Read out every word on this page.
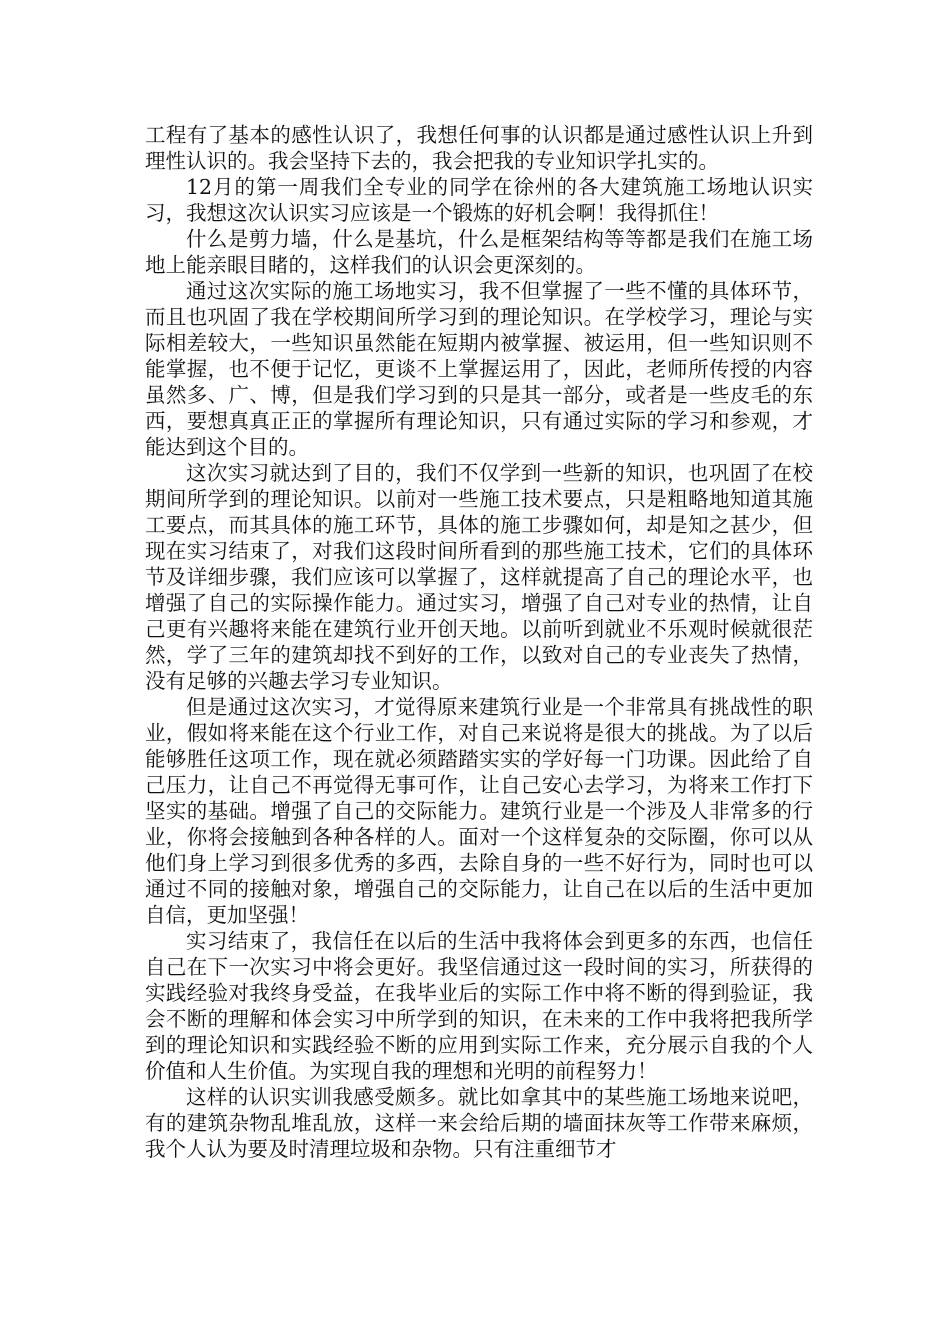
工程有了基本的感性认识了，我想任何事的认识都是通过感性认识上升到理性认识的。我会坚持下去的，我会把我的专业知识学扎实的。

12月的第一周我们全专业的同学在徐州的各大建筑施工场地认识实习，我想这次认识实习应该是一个锻炼的好机会啊！我得抓住！

什么是剪力墙，什么是基坑，什么是框架结构等等都是我们在施工场地上能亲眼目睹的，这样我们的认识会更深刻的。

通过这次实际的施工场地实习，我不但掌握了一些不懂的具体环节，而且也巩固了我在学校期间所学习到的理论知识。在学校学习，理论与实际相差较大，一些知识虽然能在短期内被掌握、被运用，但一些知识则不能掌握，也不便于记忆，更谈不上掌握运用了，因此，老师所传授的内容虽然多、广、博，但是我们学习到的只是其一部分，或者是一些皮毛的东西，要想真真正正的掌握所有理论知识，只有通过实际的学习和参观，才能达到这个目的。

这次实习就达到了目的，我们不仅学到一些新的知识，也巩固了在校期间所学到的理论知识。以前对一些施工技术要点，只是粗略地知道其施工要点，而其具体的施工环节，具体的施工步骤如何，却是知之甚少，但现在实习结束了，对我们这段时间所看到的那些施工技术，它们的具体环节及详细步骤，我们应该可以掌握了，这样就提高了自己的理论水平，也增强了自己的实际操作能力。通过实习，增强了自己对专业的热情，让自己更有兴趣将来能在建筑行业开创天地。以前听到就业不乐观时候就很茫然，学了三年的建筑却找不到好的工作，以致对自己的专业丧失了热情，没有足够的兴趣去学习专业知识。

但是通过这次实习，才觉得原来建筑行业是一个非常具有挑战性的职业，假如将来能在这个行业工作，对自己来说将是很大的挑战。为了以后能够胜任这项工作，现在就必须踏踏实实的学好每一门功课。因此给了自己压力，让自己不再觉得无事可作，让自己安心去学习，为将来工作打下坚实的基础。增强了自己的交际能力。建筑行业是一个涉及人非常多的行业，你将会接触到各种各样的人。面对一个这样复杂的交际圈，你可以从他们身上学习到很多优秀的多西，去除自身的一些不好行为，同时也可以通过不同的接触对象，增强自己的交际能力，让自己在以后的生活中更加自信，更加坚强！

实习结束了，我信任在以后的生活中我将体会到更多的东西，也信任自己在下一次实习中将会更好。我坚信通过这一段时间的实习，所获得的实践经验对我终身受益，在我毕业后的实际工作中将不断的得到验证，我会不断的理解和体会实习中所学到的知识，在未来的工作中我将把我所学到的理论知识和实践经验不断的应用到实际工作来，充分展示自我的个人价值和人生价值。为实现自我的理想和光明的前程努力！

这样的认识实训我感受颇多。就比如拿其中的某些施工场地来说吧，有的建筑杂物乱堆乱放，这样一来会给后期的墙面抹灰等工作带来麻烦，我个人认为要及时清理垃圾和杂物。只有注重细节才
